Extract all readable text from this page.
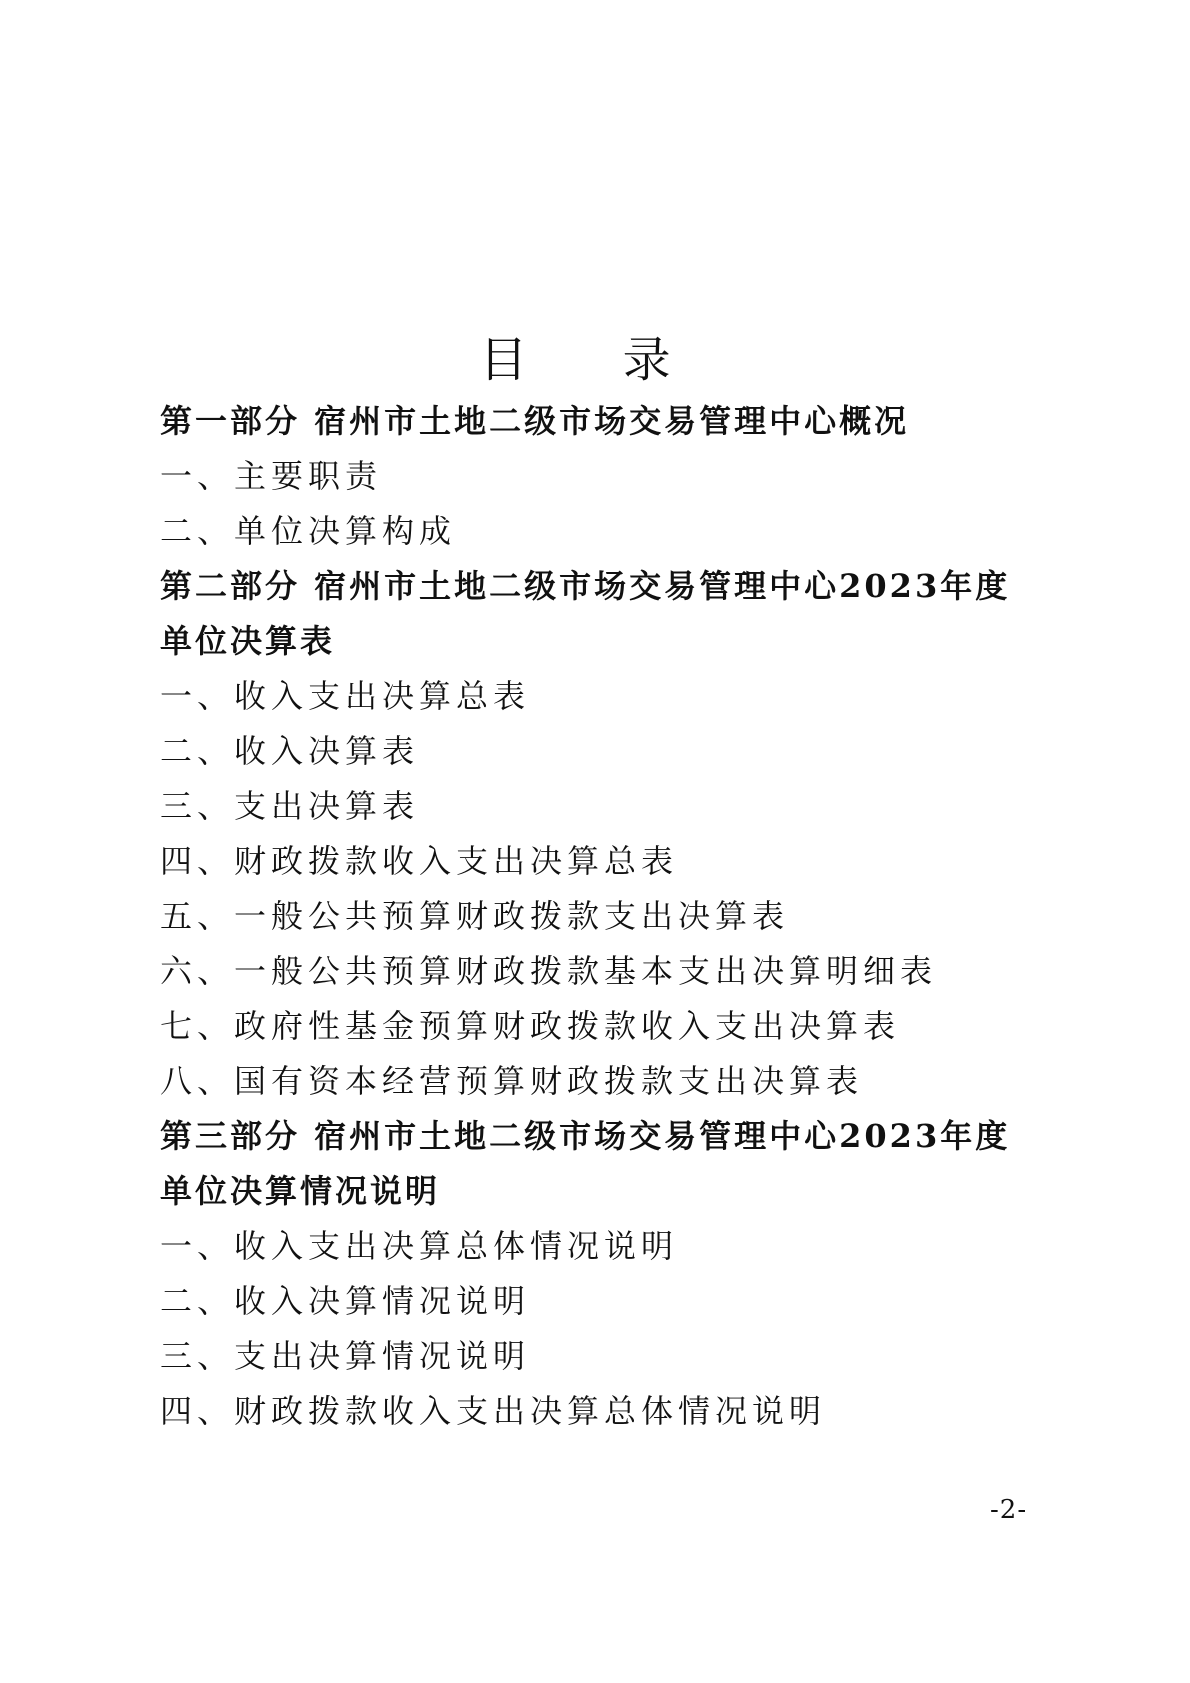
目 录
第一部分 宿州市土地二级市场交易管理中心概况
一、主要职责
二、单位决算构成
第二部分 宿州市土地二级市场交易管理中心2023年度
单位决算表
一、收入支出决算总表
二、收入决算表
三、支出决算表
四、财政拨款收入支出决算总表
五、一般公共预算财政拨款支出决算表
六、一般公共预算财政拨款基本支出决算明细表
七、政府性基金预算财政拨款收入支出决算表
八、国有资本经营预算财政拨款支出决算表
第三部分 宿州市土地二级市场交易管理中心2023年度
单位决算情况说明
一、收入支出决算总体情况说明
二、收入决算情况说明
三、支出决算情况说明
四、财政拨款收入支出决算总体情况说明
-2-
